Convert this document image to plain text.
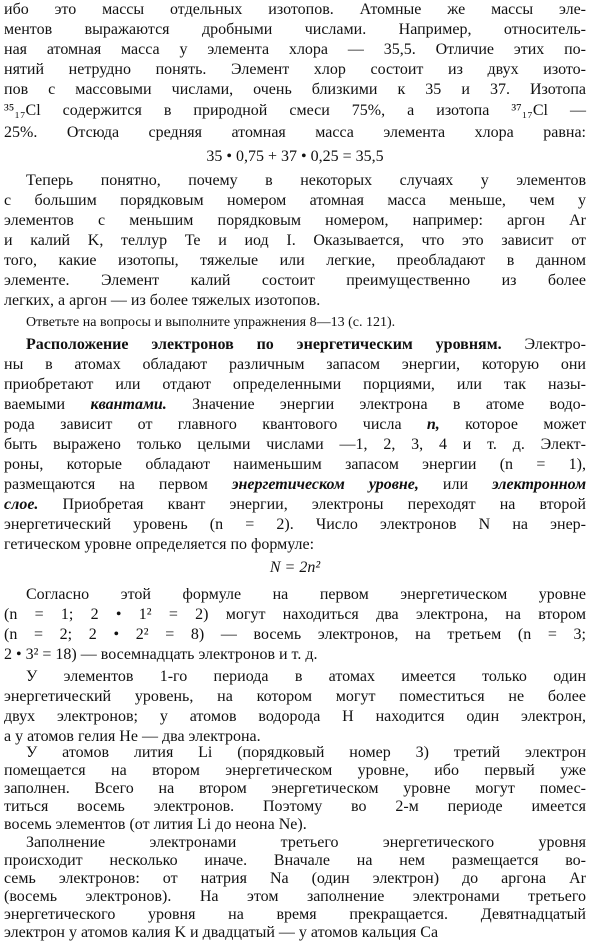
ибо это массы отдельных изотопов. Атомные же массы эле-
ментов выражаются дробными числами. Например, относитель-
ная атомная масса у элемента хлора — 35,5. Отличие этих по-
нятий нетрудно понять. Элемент хлор состоит из двух изото-
пов с массовыми числами, очень близкими к 35 и 37. Изотопа
³⁵₁₇Cl содержится в природной смеси 75%, а изотопа ³⁷₁₇Cl —
25%. Отсюда средняя атомная масса элемента хлора равна:
35 • 0,75 + 37 • 0,25 = 35,5
Теперь понятно, почему в некоторых случаях у элементов
с большим порядковым номером атомная масса меньше, чем у
элементов с меньшим порядковым номером, например: аргон Ar
и калий K, теллур Te и иод I. Оказывается, что это зависит от
того, какие изотопы, тяжелые или легкие, преобладают в данном
элементе. Элемент калий состоит преимущественно из более
легких, а аргон — из более тяжелых изотопов.
Ответьте на вопросы и выполните упражнения 8—13 (с. 121).
Расположение электронов по энергетическим уровням. Электро-
ны в атомах обладают различным запасом энергии, которую они
приобретают или отдают определенными порциями, или так назы-
ваемыми квантами. Значение энергии электрона в атоме водо-
рода зависит от главного квантового числа n, которое может
быть выражено только целыми числами —1, 2, 3, 4 и т. д. Элект-
роны, которые обладают наименьшим запасом энергии (n = 1),
размещаются на первом энергетическом уровне, или электронном
слое. Приобретая квант энергии, электроны переходят на второй
энергетический уровень (n = 2). Число электронов N на энер-
гетическом уровне определяется по формуле:
N = 2n²
Согласно этой формуле на первом энергетическом уровне
(n = 1; 2 • 1² = 2) могут находиться два электрона, на втором
(n = 2; 2 • 2² = 8) — восемь электронов, на третьем (n = 3;
2 • 3² = 18) — восемнадцать электронов и т. д.
У элементов 1-го периода в атомах имеется только один
энергетический уровень, на котором могут поместиться не более
двух электронов; у атомов водорода H находится один электрон,
а у атомов гелия He — два электрона.
У атомов лития Li (порядковый номер 3) третий электрон
помещается на втором энергетическом уровне, ибо первый уже
заполнен. Всего на втором энергетическом уровне могут помес-
титься восемь электронов. Поэтому во 2-м периоде имеется
восемь элементов (от лития Li до неона Ne).
Заполнение электронами третьего энергетического уровня
происходит несколько иначе. Вначале на нем размещается во-
семь электронов: от натрия Na (один электрон) до аргона Ar
(восемь электронов). На этом заполнение электронами третьего
энергетического уровня на время прекращается. Девятнадцатый
электрон у атомов калия K и двадцатый — у атомов кальция Ca
